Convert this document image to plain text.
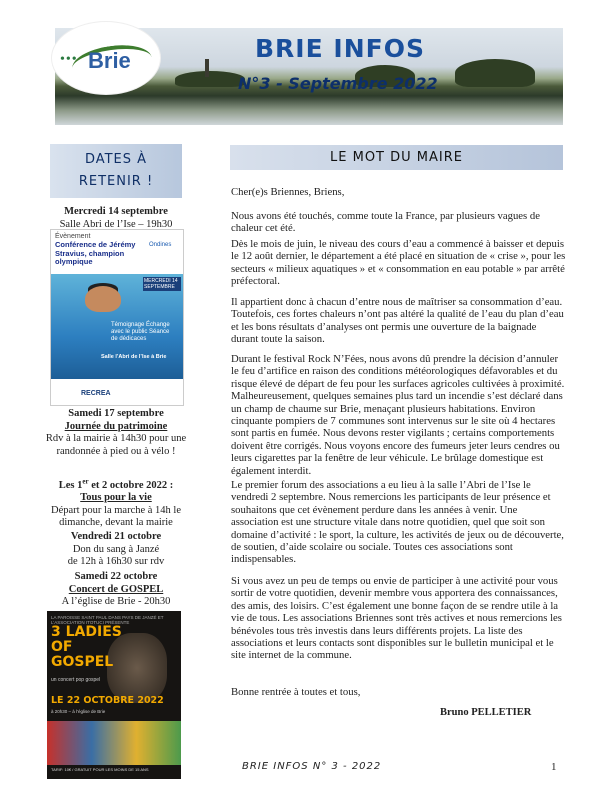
••• Brie	BRIE INFOS
N°3 - Septembre 2022
DATES À
RETENIR !
Mercredi 14 septembre
Salle Abri de l’Ise – 19h30
Évènement
Conférence de Jérémy Stravius, champion olympique
Ondines
MERCREDI 14 SEPTEMBRE
Témoignage Échange avec le public Séance de dédicaces
Salle l’Abri de l’Ise à Brie
RECREA
Samedi 17 septembre
Journée du patrimoine
Rdv à la mairie à 14h30 pour une randonnée à pied ou à vélo !
Les 1er et 2 octobre 2022 :
Tous pour la vie
Départ pour la marche à 14h le dimanche, devant la mairie
Vendredi 21 octobre
Don du sang à Janzé
de 12h à 16h30 sur rdv
Samedi 22 octobre
Concert de GOSPEL
A l’église de Brie - 20h30
LA PAROISSE SAINT PAUL DANS PAYS DE JANZÉ ET L’ASSOCIATION ITOTUCI PRÉSENTE
3 LADIES
OF
GOSPEL
un concert pop gospel
LE 22 OCTOBRE 2022
à 20h30 – à l’église de Brie
TARIF: 10€ / GRATUIT POUR LES MOINS DE 15 ANS
LE MOT DU MAIRE
Cher(e)s Briennes, Briens,
Nous avons été touchés, comme toute la France, par plusieurs vagues de chaleur cet été.
Dès le mois de juin, le niveau des cours d’eau a commencé à baisser et depuis le 12 août dernier, le département a été placé en situation de « crise », pour les secteurs « milieux aquatiques » et « consommation en eau potable » par arrêté préfectoral.
Il appartient donc à chacun d’entre nous de maîtriser sa consommation d’eau. Toutefois, ces fortes chaleurs n’ont pas altéré la qualité de l’eau du plan d’eau et les bons résultats d’analyses ont permis une ouverture de la baignade durant toute la saison.
Durant le festival Rock N’Fées, nous avons dû prendre la décision d’annuler le feu d’artifice en raison des conditions météorologiques défavorables et du risque élevé de départ de feu pour les surfaces agricoles cultivées à proximité. Malheureusement, quelques semaines plus tard un incendie s’est déclaré dans un champ de chaume sur Brie, menaçant plusieurs habitations. Environ cinquante pompiers de 7 communes sont intervenus sur le site où 4 hectares sont partis en fumée. Nous devons rester vigilants ; certains comportements doivent être corrigés. Nous voyons encore des fumeurs jeter leurs cendres ou leurs cigarettes par la fenêtre de leur véhicule. Le brûlage domestique est également interdit.
Le premier forum des associations a eu lieu à la salle l’Abri de l’Ise le vendredi 2 septembre. Nous remercions les participants de leur présence et souhaitons que cet évènement perdure dans les années à venir. Une association est une structure vitale dans notre quotidien, quel que soit son domaine d’activité : le sport, la culture, les activités de jeux ou de découverte, de soutien, d’aide scolaire ou sociale. Toutes ces associations sont indispensables.
Si vous avez un peu de temps ou envie de participer à une activité pour vous sortir de votre quotidien, devenir membre vous apportera des connaissances, des amis, des loisirs. C’est également une bonne façon de se rendre utile à la vie de tous. Les associations Briennes sont très actives et nous remercions les bénévoles tous très investis dans leurs différents projets. La liste des associations et leurs contacts sont disponibles sur le bulletin municipal et le site internet de la commune.
Bonne rentrée à toutes et tous,
Bruno PELLETIER
BRIE INFOS N° 3 - 2022	1
